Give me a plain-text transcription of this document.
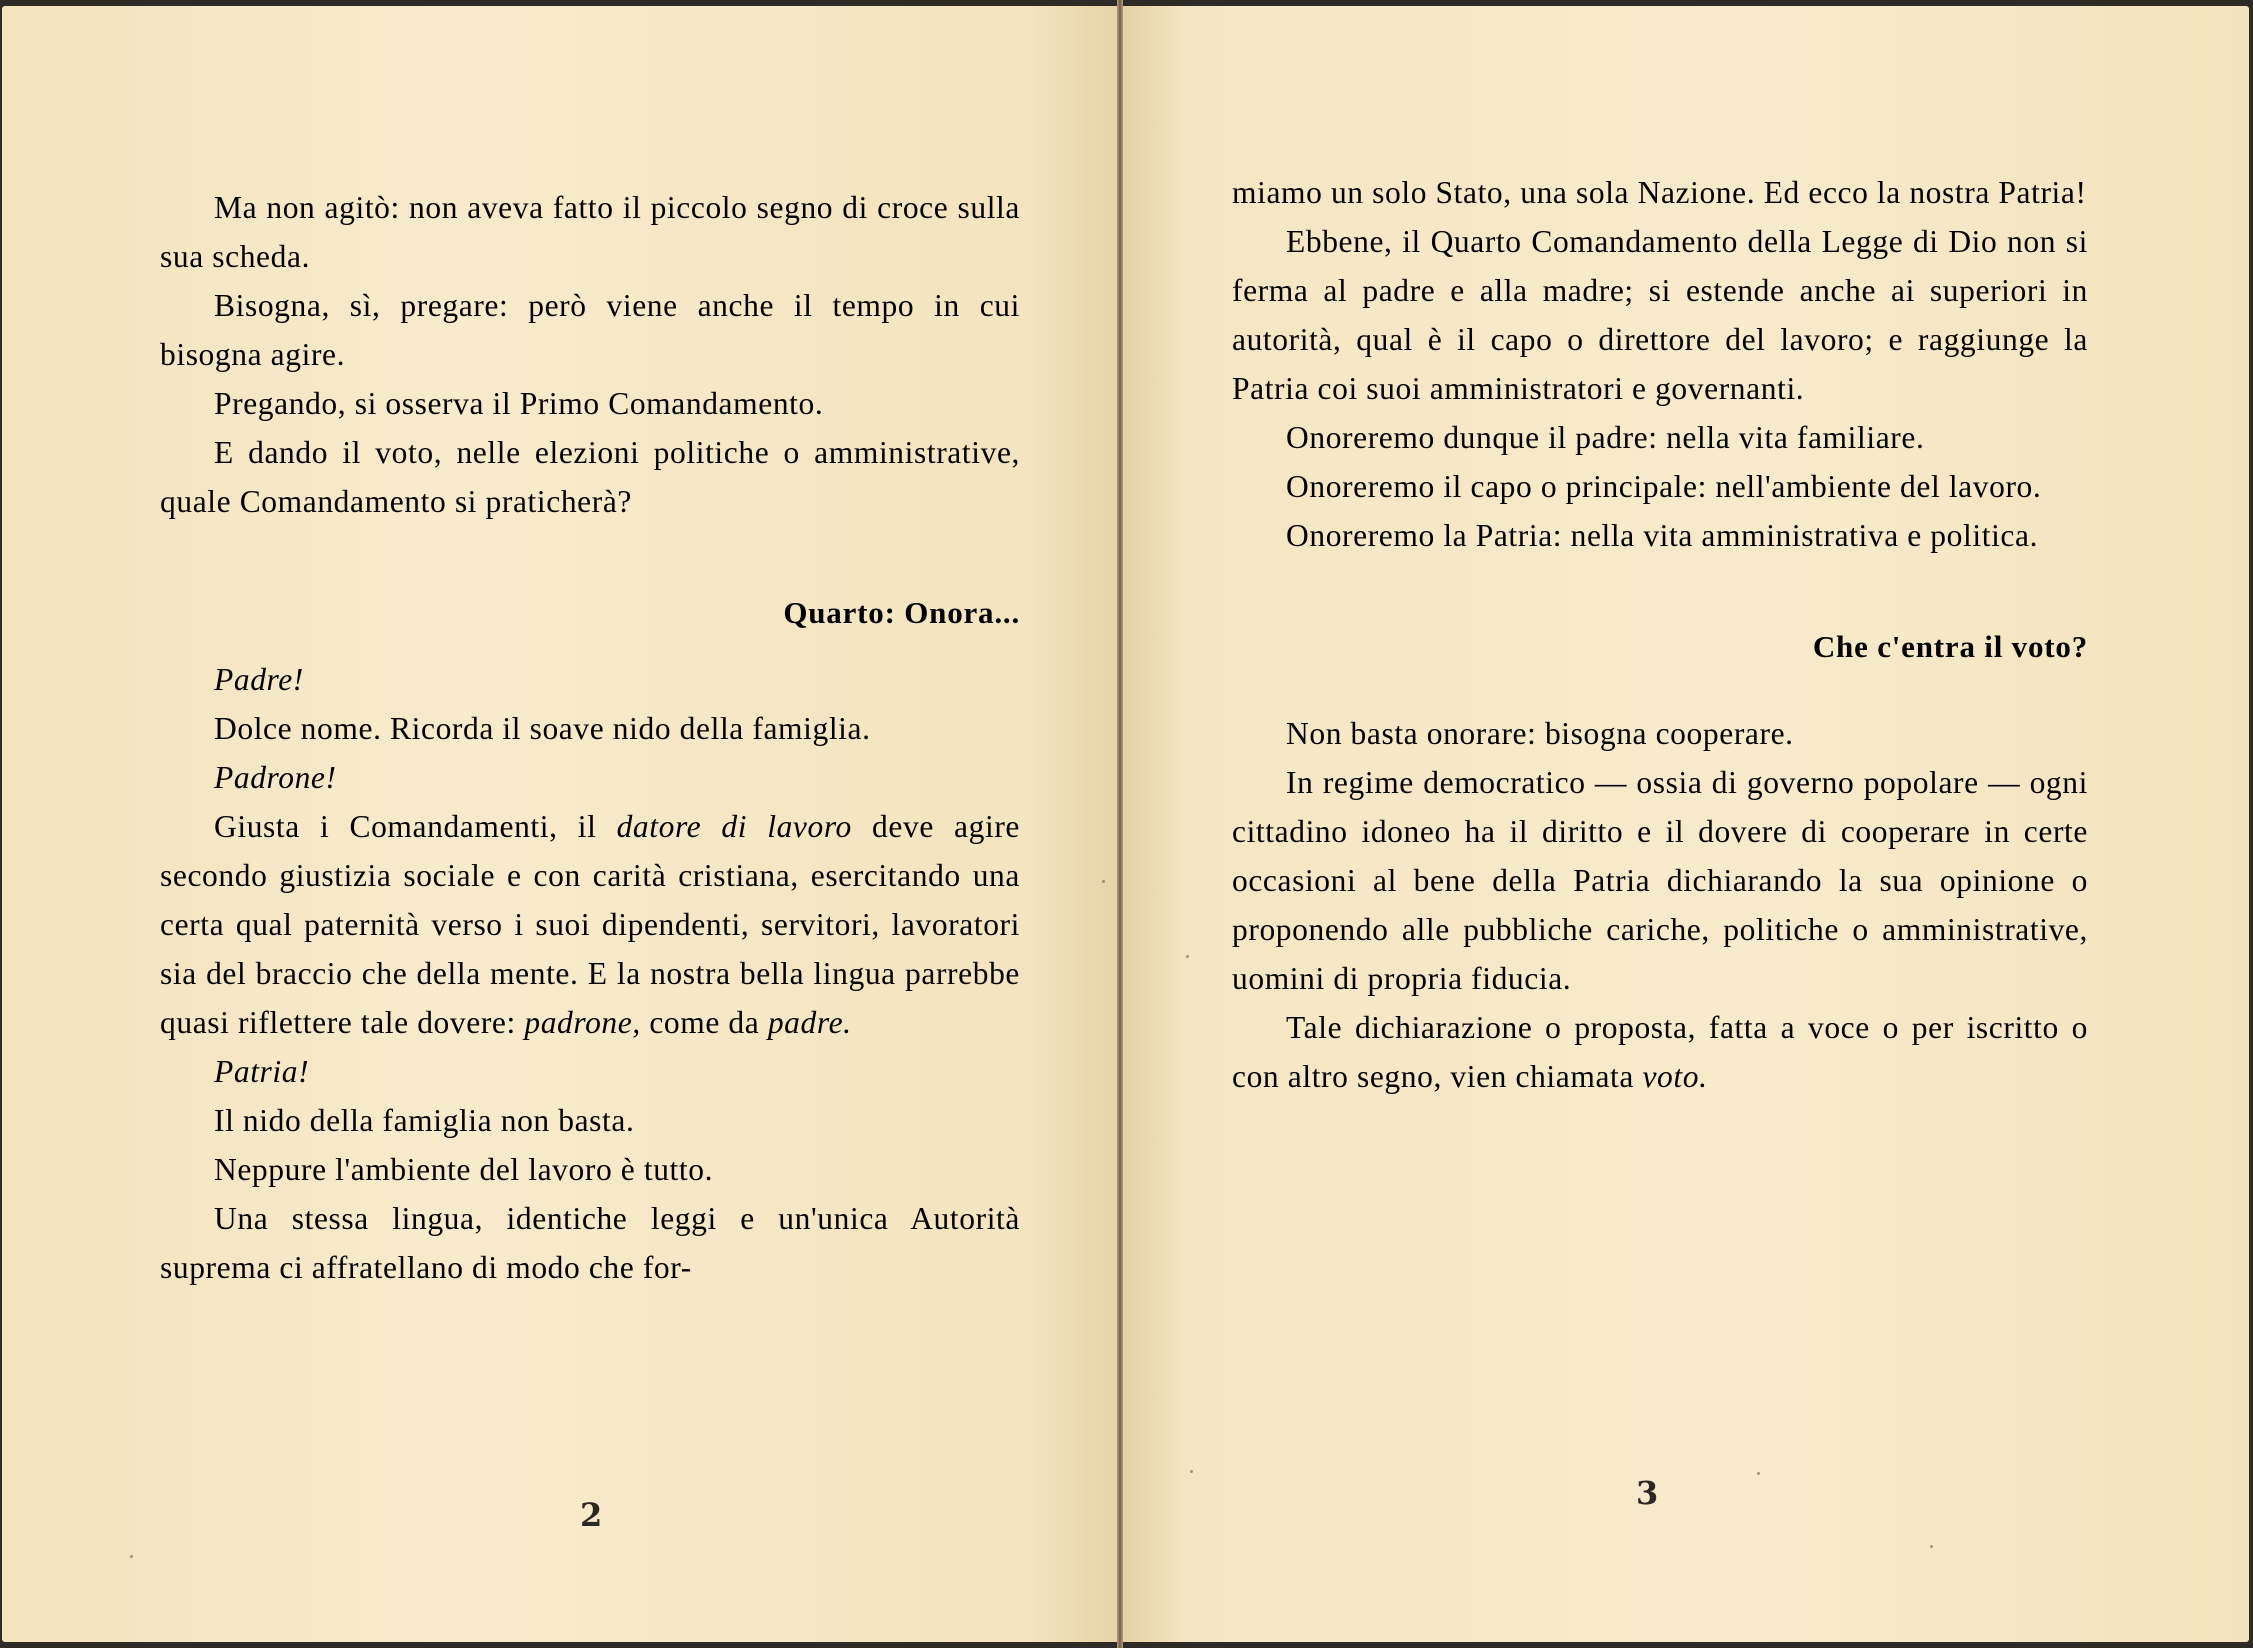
Ma non agitò: non aveva fatto il piccolo segno di croce sulla sua scheda.

Bisogna, sì, pregare: però viene anche il tempo in cui bisogna agire.

Pregando, si osserva il Primo Comandamento.

E dando il voto, nelle elezioni politiche o amministrative, quale Comandamento si praticherà?

Quarto: Onora...

Padre!

Dolce nome. Ricorda il soave nido della famiglia.

Padrone!

Giusta i Comandamenti, il datore di lavoro deve agire secondo giustizia sociale e con carità cristiana, esercitando una certa qual paternità verso i suoi dipendenti, servitori, lavoratori sia del braccio che della mente. E la nostra bella lingua parrebbe quasi riflettere tale dovere: padrone, come da padre.

Patria!

Il nido della famiglia non basta.

Neppure l'ambiente del lavoro è tutto.

Una stessa lingua, identiche leggi e un'unica Autorità suprema ci affratellano di modo che for-

2

miamo un solo Stato, una sola Nazione. Ed ecco la nostra Patria!

Ebbene, il Quarto Comandamento della Legge di Dio non si ferma al padre e alla madre; si estende anche ai superiori in autorità, qual è il capo o direttore del lavoro; e raggiunge la Patria coi suoi amministratori e governanti.

Onoreremo dunque il padre: nella vita familiare.

Onoreremo il capo o principale: nell'ambiente del lavoro.

Onoreremo la Patria: nella vita amministrativa e politica.

Che c'entra il voto?

Non basta onorare: bisogna cooperare.

In regime democratico — ossia di governo popolare — ogni cittadino idoneo ha il diritto e il dovere di cooperare in certe occasioni al bene della Patria dichiarando la sua opinione o proponendo alle pubbliche cariche, politiche o amministrative, uomini di propria fiducia.

Tale dichiarazione o proposta, fatta a voce o per iscritto o con altro segno, vien chiamata voto.

3
